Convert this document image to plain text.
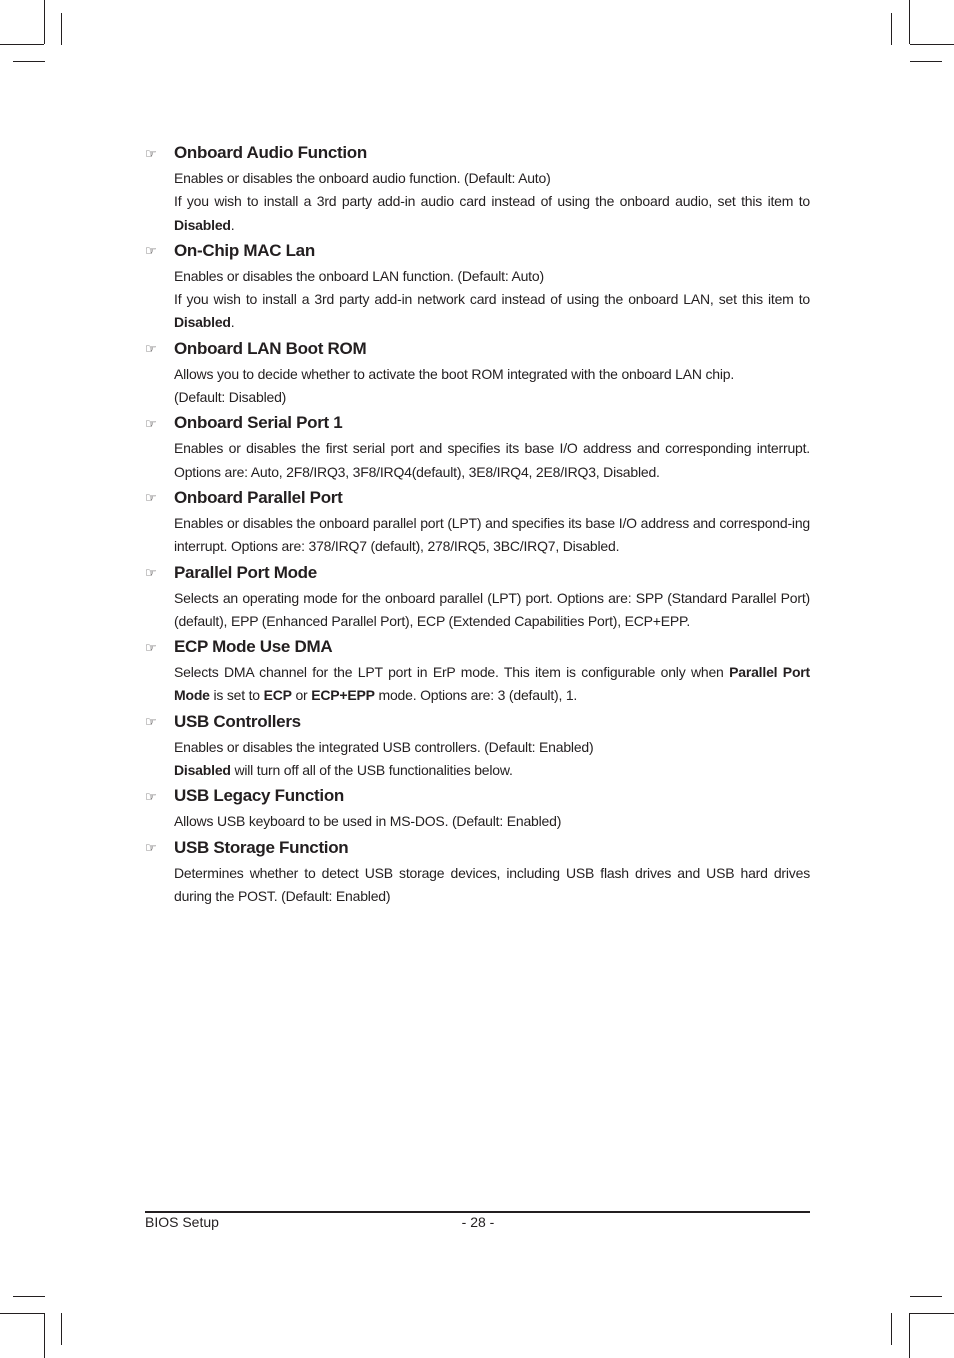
☞	Onboard Audio Function

Enables or disables the onboard audio function. (Default: Auto)

If you wish to install a 3rd party add-in audio card instead of using the onboard audio, set this item to Disabled.

☞	On-Chip MAC Lan

Enables or disables the onboard LAN function. (Default: Auto)

If you wish to install a 3rd party add-in network card instead of using the onboard LAN, set this item to Disabled.

☞	Onboard LAN Boot ROM

Allows you to decide whether to activate the boot ROM integrated with the onboard LAN chip.

(Default: Disabled)

☞	Onboard Serial Port 1

Enables or disables the first serial port and specifies its base I/O address and corresponding interrupt. Options are: Auto, 2F8/IRQ3, 3F8/IRQ4(default), 3E8/IRQ4, 2E8/IRQ3, Disabled.

☞	Onboard Parallel Port

Enables or disables the onboard parallel port (LPT) and specifies its base I/O address and correspond-ing interrupt. Options are: 378/IRQ7 (default), 278/IRQ5, 3BC/IRQ7, Disabled.

☞	Parallel Port Mode

Selects an operating mode for the onboard parallel (LPT) port. Options are: SPP (Standard Parallel Port) (default), EPP (Enhanced Parallel Port), ECP (Extended Capabilities Port), ECP+EPP.

☞	ECP Mode Use DMA

Selects DMA channel for the LPT port in ErP mode. This item is configurable only when Parallel Port Mode is set to ECP or ECP+EPP mode. Options are: 3 (default), 1.

☞	USB Controllers

Enables or disables the integrated USB controllers. (Default: Enabled)

Disabled will turn off all of the USB functionalities below.

☞	USB Legacy Function

Allows USB keyboard to be used in MS-DOS. (Default: Enabled)

☞	USB Storage Function

Determines whether to detect USB storage devices, including USB flash drives and USB hard drives during the POST. (Default: Enabled)

BIOS Setup	- 28 -
